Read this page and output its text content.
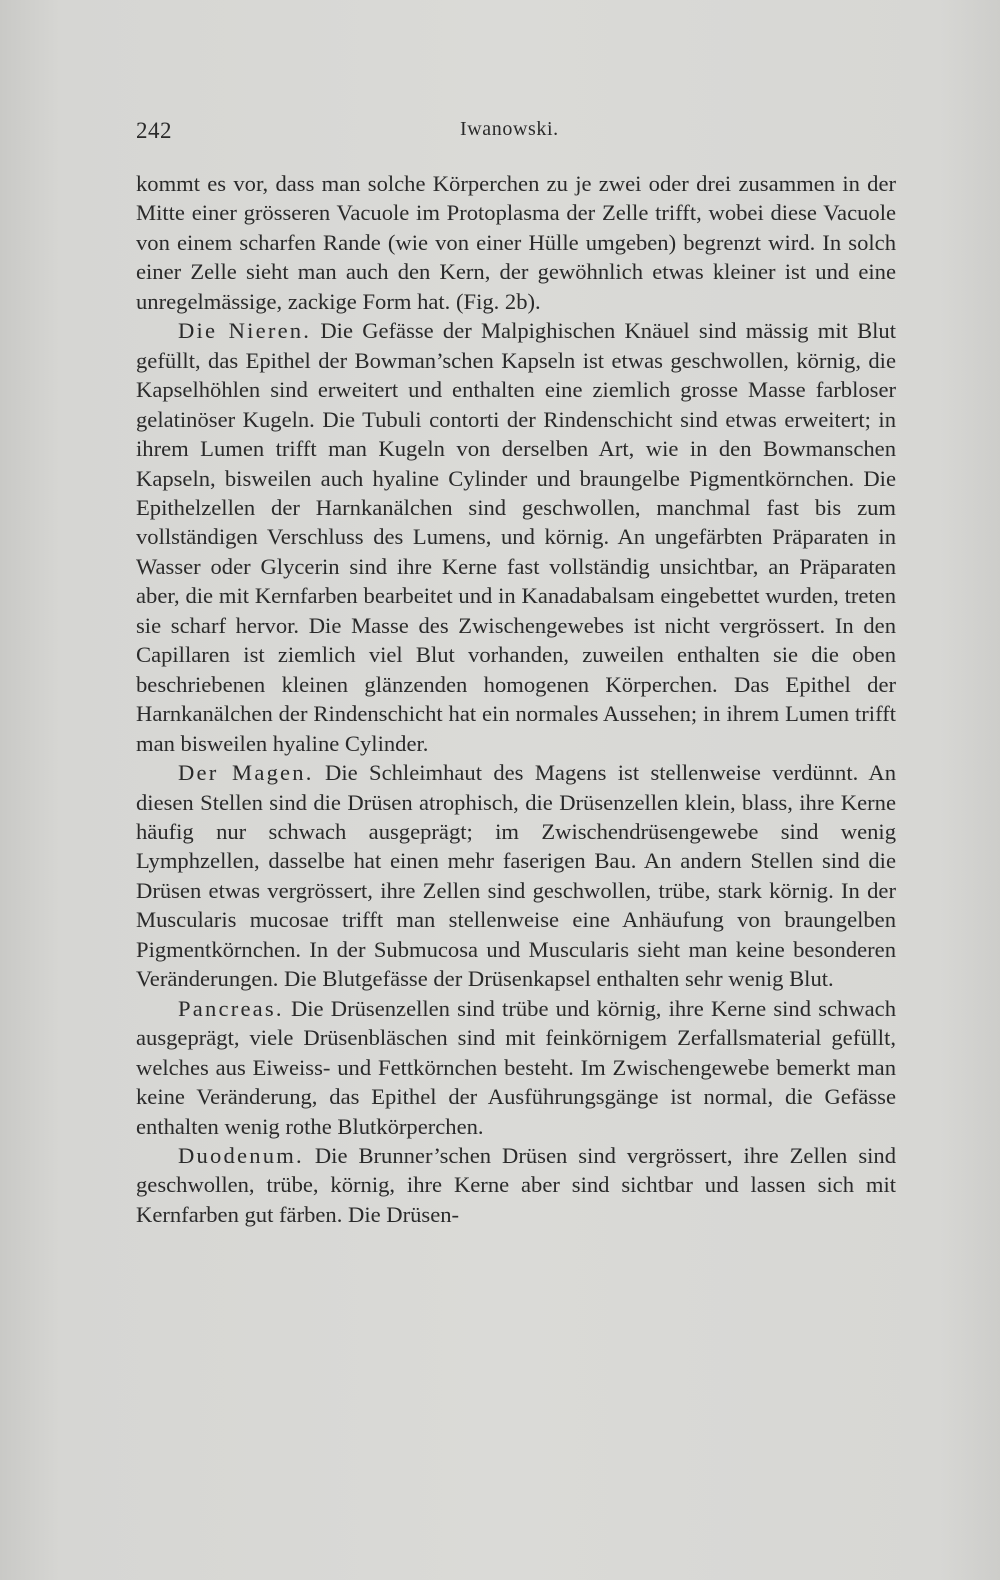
242	Iwanowski.

kommt es vor, dass man solche Körperchen zu je zwei oder drei zusammen in der Mitte einer grösseren Vacuole im Protoplasma der Zelle trifft, wobei diese Vacuole von einem scharfen Rande (wie von einer Hülle umgeben) begrenzt wird. In solch einer Zelle sieht man auch den Kern, der gewöhnlich etwas kleiner ist und eine unregelmässige, zackige Form hat. (Fig. 2b).

Die Nieren. Die Gefässe der Malpighischen Knäuel sind mässig mit Blut gefüllt, das Epithel der Bowman’schen Kapseln ist etwas geschwollen, körnig, die Kapselhöhlen sind erweitert und enthalten eine ziemlich grosse Masse farbloser gelatinöser Kugeln. Die Tubuli contorti der Rindenschicht sind etwas erweitert; in ihrem Lumen trifft man Kugeln von derselben Art, wie in den Bowmanschen Kapseln, bisweilen auch hyaline Cylinder und braungelbe Pigmentkörnchen. Die Epithelzellen der Harnkanälchen sind geschwollen, manchmal fast bis zum vollständigen Verschluss des Lumens, und körnig. An ungefärbten Präparaten in Wasser oder Glycerin sind ihre Kerne fast vollständig unsichtbar, an Präparaten aber, die mit Kernfarben bearbeitet und in Kanadabalsam eingebettet wurden, treten sie scharf hervor. Die Masse des Zwischengewebes ist nicht vergrössert. In den Capillaren ist ziemlich viel Blut vorhanden, zuweilen enthalten sie die oben beschriebenen kleinen glänzenden homogenen Körperchen. Das Epithel der Harnkanälchen der Rindenschicht hat ein normales Aussehen; in ihrem Lumen trifft man bisweilen hyaline Cylinder.

Der Magen. Die Schleimhaut des Magens ist stellenweise verdünnt. An diesen Stellen sind die Drüsen atrophisch, die Drüsenzellen klein, blass, ihre Kerne häufig nur schwach ausgeprägt; im Zwischendrüsengewebe sind wenig Lymphzellen, dasselbe hat einen mehr faserigen Bau. An andern Stellen sind die Drüsen etwas vergrössert, ihre Zellen sind geschwollen, trübe, stark körnig. In der Muscularis mucosae trifft man stellenweise eine Anhäufung von braungelben Pigmentkörnchen. In der Submucosa und Muscularis sieht man keine besonderen Veränderungen. Die Blutgefässe der Drüsenkapsel enthalten sehr wenig Blut.

Pancreas. Die Drüsenzellen sind trübe und körnig, ihre Kerne sind schwach ausgeprägt, viele Drüsenbläschen sind mit feinkörnigem Zerfallsmaterial gefüllt, welches aus Eiweiss- und Fettkörnchen besteht. Im Zwischengewebe bemerkt man keine Veränderung, das Epithel der Ausführungsgänge ist normal, die Gefässe enthalten wenig rothe Blutkörperchen.

Duodenum. Die Brunner’schen Drüsen sind vergrössert, ihre Zellen sind geschwollen, trübe, körnig, ihre Kerne aber sind sichtbar und lassen sich mit Kernfarben gut färben. Die Drüsen-
